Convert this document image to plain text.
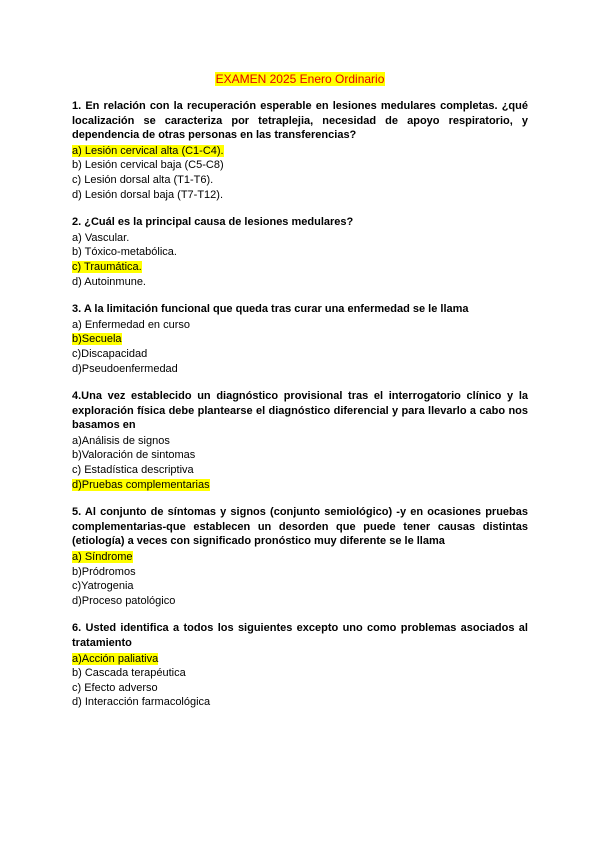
EXAMEN 2025 Enero Ordinario

1. En relación con la recuperación esperable en lesiones medulares completas. ¿qué localización se caracteriza por tetraplejia, necesidad de apoyo respiratorio, y dependencia de otras personas en las transferencias?

a) Lesión cervical alta (C1-C4).

b) Lesión cervical baja (C5-C8)

c) Lesión dorsal alta (T1-T6).

d) Lesión dorsal baja (T7-T12).

2. ¿Cuál es la principal causa de lesiones medulares?

a) Vascular.

b) Tóxico-metabólica.

c) Traumática.

d) Autoinmune.

3. A la limitación funcional que queda tras curar una enfermedad se le llama

a) Enfermedad en curso

b)Secuela

c)Discapacidad

d)Pseudoenfermedad

4.Una vez establecido un diagnóstico provisional tras el interrogatorio clínico y la exploración física debe plantearse el diagnóstico diferencial y para llevarlo a cabo nos basamos en

a)Análisis de signos

b)Valoración de sintomas

c) Estadística descriptiva

d)Pruebas complementarias

5. Al conjunto de síntomas y signos (conjunto semiológico) -y en ocasiones pruebas complementarias-que establecen un desorden que puede tener causas distintas (etiología) a veces con significado pronóstico muy diferente se le llama

a) Síndrome

b)Pródromos

c)Yatrogenia

d)Proceso patológico

6. Usted identifica a todos los siguientes excepto uno como problemas asociados al tratamiento

a)Acción paliativa

b) Cascada terapéutica

c) Efecto adverso

d) Interacción farmacológica
